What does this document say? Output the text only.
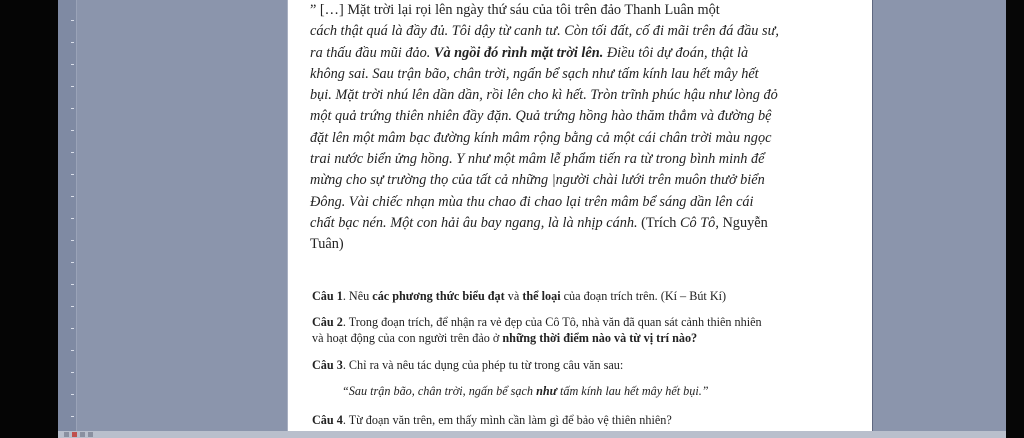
” […] Mặt trời lại rọi lên ngày thứ sáu của tôi trên đảo Thanh Luân một
cách thật quá là đầy đủ. Tôi dậy từ canh tư. Còn tối đất, cố đi mãi trên đá đầu sư,
ra thấu đầu mũi đảo. Và ngồi đó rình mặt trời lên. Điều tôi dự đoán, thật là
không sai. Sau trận bão, chân trời, ngấn bể sạch như tấm kính lau hết mây hết
bụi. Mặt trời nhú lên dần dần, rồi lên cho kì hết. Tròn trĩnh phúc hậu như lòng đỏ
một quả trứng thiên nhiên đầy đặn. Quả trứng hồng hào thăm thẳm và đường bệ
đặt lên một mâm bạc đường kính mâm rộng bằng cả một cái chân trời màu ngọc
trai nước biển ửng hồng. Y như một mâm lễ phẩm tiến ra từ trong bình minh để
mừng cho sự trường thọ của tất cả những |người chài lưới trên muôn thưở biển
Đông. Vài chiếc nhạn mùa thu chao đi chao lại trên mâm bể sáng dần lên cái
chất bạc nén. Một con hải âu bay ngang, là là nhịp cánh. (Trích Cô Tô, Nguyễn
Tuân)
Câu 1. Nêu các phương thức biểu đạt và thể loại của đoạn trích trên. (Kí – Bút Kí)
Câu 2. Trong đoạn trích, để nhận ra vẻ đẹp của Cô Tô, nhà văn đã quan sát cảnh thiên nhiên
và hoạt động của con người trên đảo ở những thời điểm nào và từ vị trí nào?
Câu 3. Chỉ ra và nêu tác dụng của phép tu từ trong câu văn sau:
“Sau trận bão, chân trời, ngấn bể sạch như tấm kính lau hết mây hết bụi.”
Câu 4. Từ đoạn văn trên, em thấy mình cần làm gì để bảo vệ thiên nhiên?
